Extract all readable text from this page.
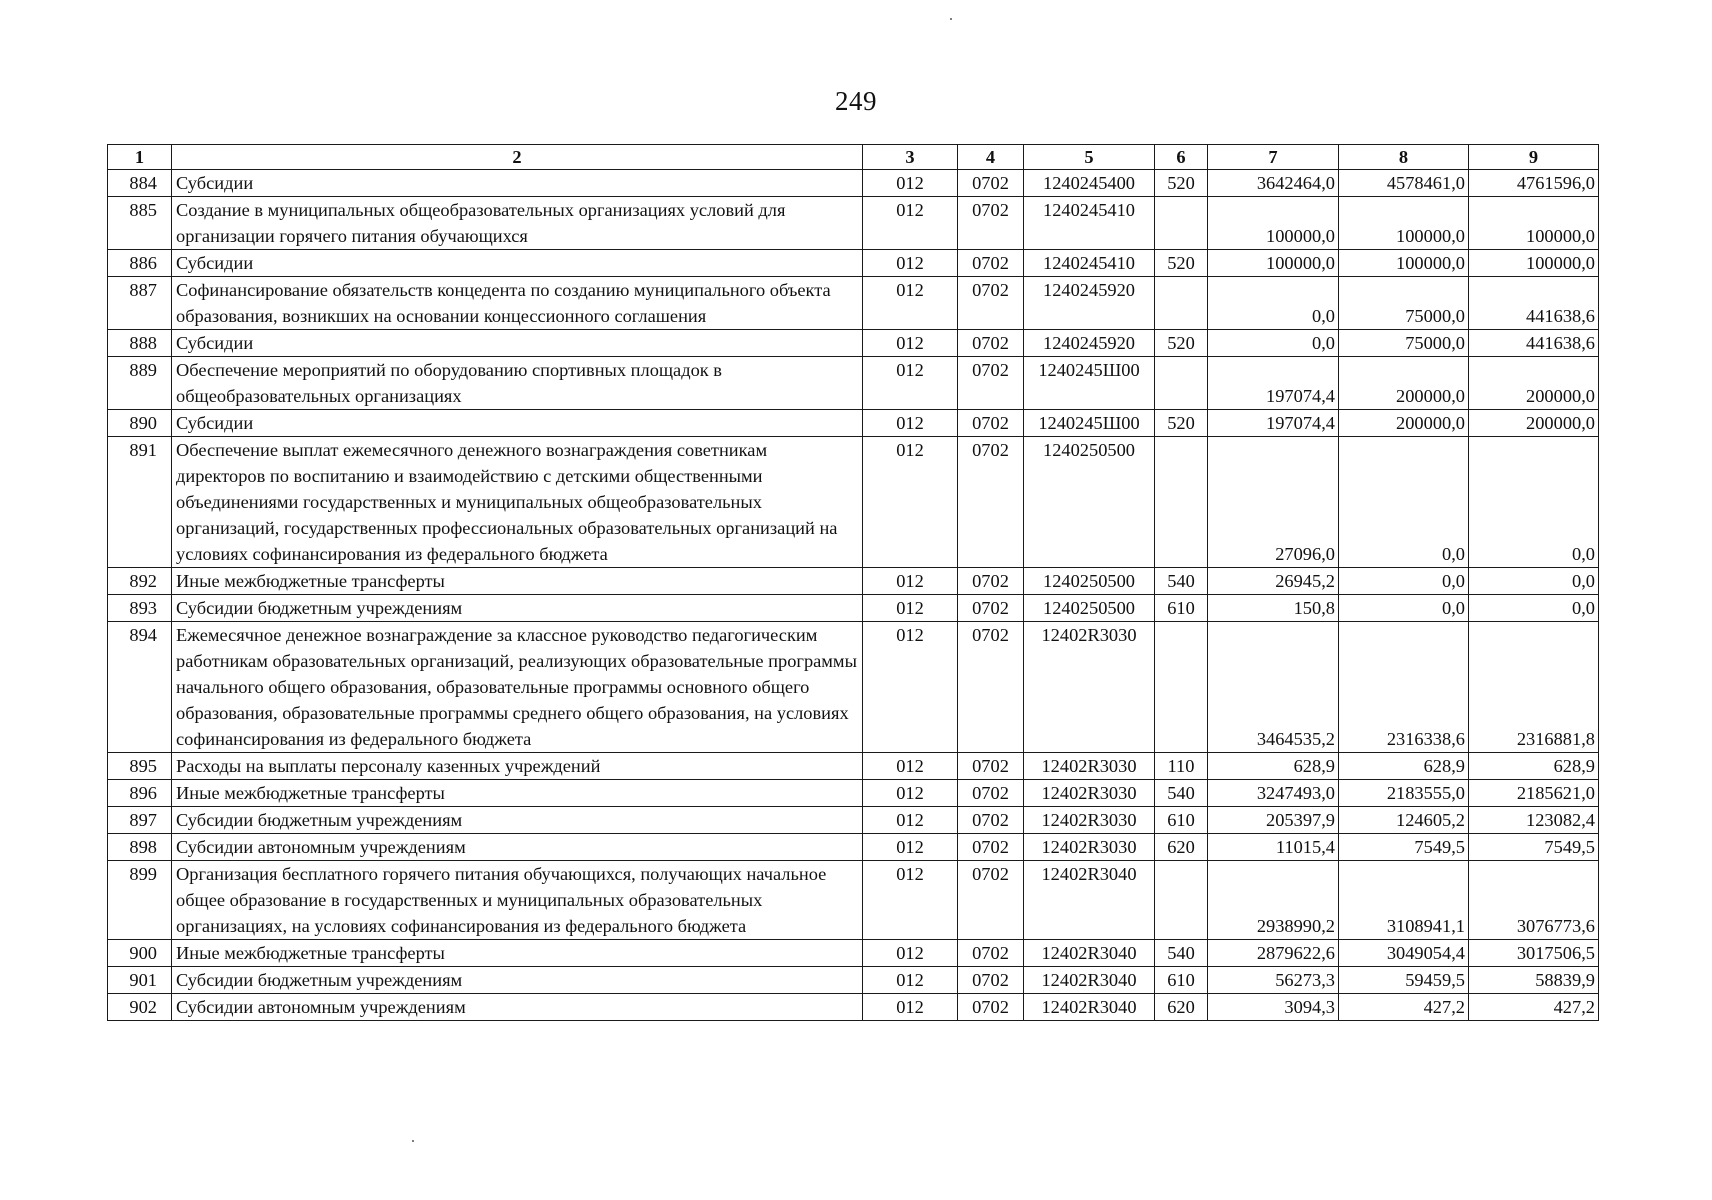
249
1	2	3	4	5	6	7	8	9
884	Субсидии	012	0702	1240245400	520	3642464,0	4578461,0	4761596,0
885	Создание в муниципальных общеобразовательных организациях условий для организации горячего питания обучающихся	012	0702	1240245410		100000,0	100000,0	100000,0
886	Субсидии	012	0702	1240245410	520	100000,0	100000,0	100000,0
887	Софинансирование обязательств концедента по созданию муниципального объекта образования, возникших на основании концессионного соглашения	012	0702	1240245920		0,0	75000,0	441638,6
888	Субсидии	012	0702	1240245920	520	0,0	75000,0	441638,6
889	Обеспечение мероприятий по оборудованию спортивных площадок в общеобразовательных организациях	012	0702	1240245Ш00		197074,4	200000,0	200000,0
890	Субсидии	012	0702	1240245Ш00	520	197074,4	200000,0	200000,0
891	Обеспечение выплат ежемесячного денежного вознаграждения советникам директоров по воспитанию и взаимодействию с детскими общественными объединениями государственных и муниципальных общеобразовательных организаций, государственных профессиональных образовательных организаций на условиях софинансирования из федерального бюджета	012	0702	1240250500		27096,0	0,0	0,0
892	Иные межбюджетные трансферты	012	0702	1240250500	540	26945,2	0,0	0,0
893	Субсидии бюджетным учреждениям	012	0702	1240250500	610	150,8	0,0	0,0
894	Ежемесячное денежное вознаграждение за классное руководство педагогическим работникам образовательных организаций, реализующих образовательные программы начального общего образования, образовательные программы основного общего образования, образовательные программы среднего общего образования, на условиях софинансирования из федерального бюджета	012	0702	12402R3030		3464535,2	2316338,6	2316881,8
895	Расходы на выплаты персоналу казенных учреждений	012	0702	12402R3030	110	628,9	628,9	628,9
896	Иные межбюджетные трансферты	012	0702	12402R3030	540	3247493,0	2183555,0	2185621,0
897	Субсидии бюджетным учреждениям	012	0702	12402R3030	610	205397,9	124605,2	123082,4
898	Субсидии автономным учреждениям	012	0702	12402R3030	620	11015,4	7549,5	7549,5
899	Организация бесплатного горячего питания обучающихся, получающих начальное общее образование в государственных и муниципальных образовательных организациях, на условиях софинансирования из федерального бюджета	012	0702	12402R3040		2938990,2	3108941,1	3076773,6
900	Иные межбюджетные трансферты	012	0702	12402R3040	540	2879622,6	3049054,4	3017506,5
901	Субсидии бюджетным учреждениям	012	0702	12402R3040	610	56273,3	59459,5	58839,9
902	Субсидии автономным учреждениям	012	0702	12402R3040	620	3094,3	427,2	427,2
